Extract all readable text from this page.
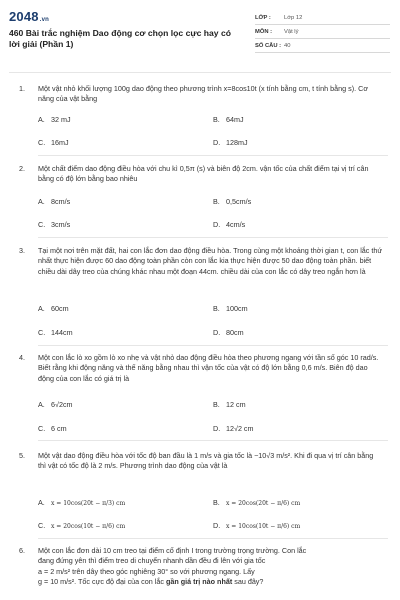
2048.vn
460 Bài trắc nghiệm Dao động cơ chọn lọc cực hay có lời giải (Phần 1)
LỚP : Lớp 12
MÔN : Vật lý
SỐ CÂU : 40
1. Một vật nhỏ khối lượng 100g dao động theo phương trình x=8cos10t (x tính bằng cm, t tính bằng s). Cơ năng của vật bằng
A. 32 mJ	B. 64mJ
C. 16mJ	D. 128mJ
2. Một chất điểm dao động điều hòa với chu kì 0,5π (s) và biên độ 2cm. vận tốc của chất điểm tại vị trí cân bằng có độ lớn bằng bao nhiêu
A. 8cm/s	B. 0,5cm/s
C. 3cm/s	D. 4cm/s
3. Tại một nơi trên mặt đất, hai con lắc đơn dao động điều hòa. Trong cùng một khoảng thời gian t, con lắc thứ nhất thực hiện được 60 dao động toàn phần còn con lắc kia thực hiện được 50 dao động toàn phần. biết chiều dài dây treo của chúng khác nhau một đoạn 44cm. chiều dài của con lắc có dây treo ngắn hơn là
A. 60cm	B. 100cm
C. 144cm	D. 80cm
4. Một con lắc lò xo gồm lò xo nhẹ và vật nhỏ dao động điều hòa theo phương ngang với tần số góc 10 rad/s. Biết rằng khi động năng và thế năng bằng nhau thì vận tốc của vật có độ lớn bằng 0,6 m/s. Biên độ dao động của con lắc có giá trị là
A. 6√2cm	B. 12 cm
C. 6 cm	D. 12√2 cm
5. Một vật dao động điều hòa với tốc độ ban đầu là 1 m/s và gia tốc là −10√3 m/s². Khi đi qua vị trí cân bằng thì vật có tốc độ là 2 m/s. Phương trình dao động của vật là
A. x = 10cos(20t − π/3) cm	B. x = 20cos(20t − π/6) cm
C. x = 20cos(10t − π/6) cm	D. x = 10cos(10t − π/6) cm
6. Một con lắc đơn dài 10 cm treo tại điểm cố định I trong trường trọng trường. Con lắc
đang đứng yên thì điểm treo di chuyển nhanh dần đều đi lên với gia tốc
a = 2 m/s² trên dây theo góc nghiêng 30° so với phương ngang. Lấy
g = 10 m/s². Tốc cực độ đại của con lắc gần giá trị nào nhất sau đây?
